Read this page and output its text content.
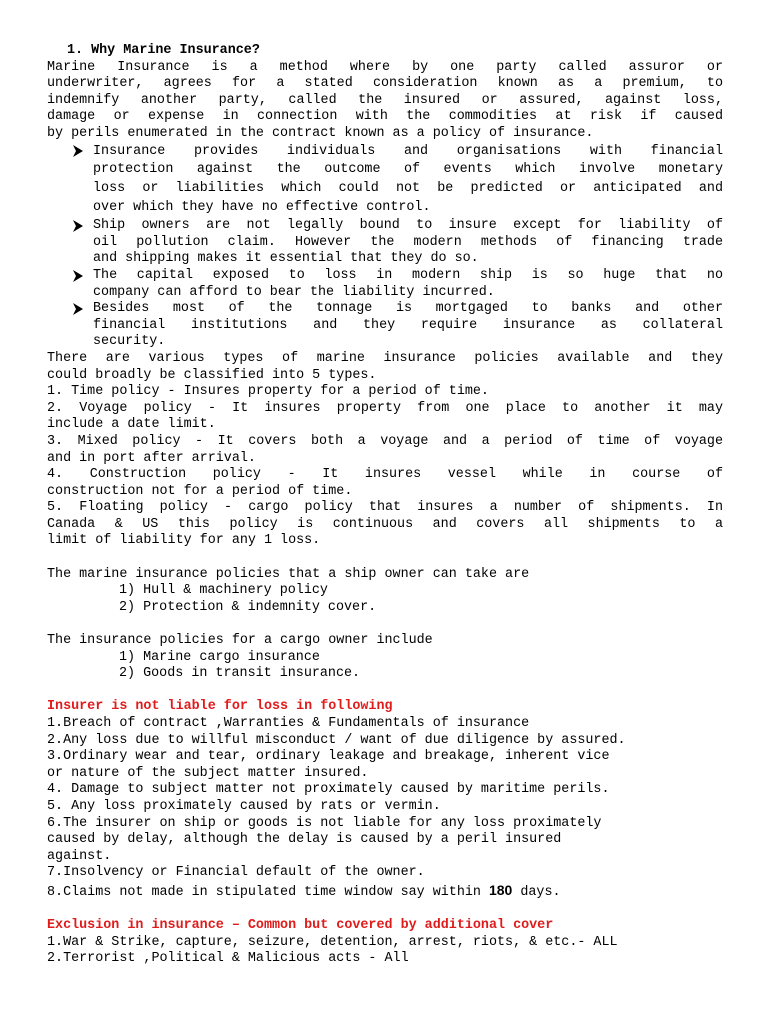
1. Why Marine Insurance?
Marine Insurance is a method where by one party called assuror or
underwriter, agrees for a stated consideration known as a premium, to
indemnify another party, called the insured or assured, against loss,
damage or expense in connection with the commodities at risk if caused
by perils enumerated in the contract known as a policy of insurance.
Insurance provides individuals and organisations with financial
protection against the outcome of events which involve monetary
loss or liabilities which could not be predicted or anticipated and
over which they have no effective control.
Ship owners are not legally bound to insure except for liability of
oil pollution claim. However the modern methods of financing trade
and shipping makes it essential that they do so.
The capital exposed to loss in modern ship is so huge that no
company can afford to bear the liability incurred.
Besides most of the tonnage is mortgaged to banks and other
financial institutions and they require insurance as collateral
security.
There are various types of marine insurance policies available and they
could broadly be classified into 5 types.
1. Time policy - Insures property for a period of time.
2. Voyage policy - It insures property from one place to another it may
include a date limit.
3. Mixed policy - It covers both a voyage and a period of time of voyage
and in port after arrival.
4. Construction policy - It insures vessel while in course of
construction not for a period of time.
5. Floating policy - cargo policy that insures a number of shipments. In
Canada & US this policy is continuous and covers all shipments to a
limit of liability for any 1 loss.
The marine insurance policies that a ship owner can take are
1) Hull & machinery policy
2) Protection & indemnity cover.
The insurance policies for a cargo owner include
1) Marine cargo insurance
2) Goods in transit insurance.
Insurer is not liable for loss in following
1.Breach of contract ,Warranties & Fundamentals of insurance
2.Any loss due to willful misconduct / want of due diligence by assured.
3.Ordinary wear and tear, ordinary leakage and breakage, inherent vice
or nature of the subject matter insured.
4. Damage to subject matter not proximately caused by maritime perils.
5. Any loss proximately caused by rats or vermin.
6.The insurer on ship or goods is not liable for any loss proximately
caused by delay, although the delay is caused by a peril insured
against.
7.Insolvency or Financial default of the owner.
8.Claims not made in stipulated time window say within 180 days.
Exclusion in insurance – Common but covered by additional cover
1.War & Strike, capture, seizure, detention, arrest, riots, & etc.- ALL
2.Terrorist ,Political & Malicious acts - All
